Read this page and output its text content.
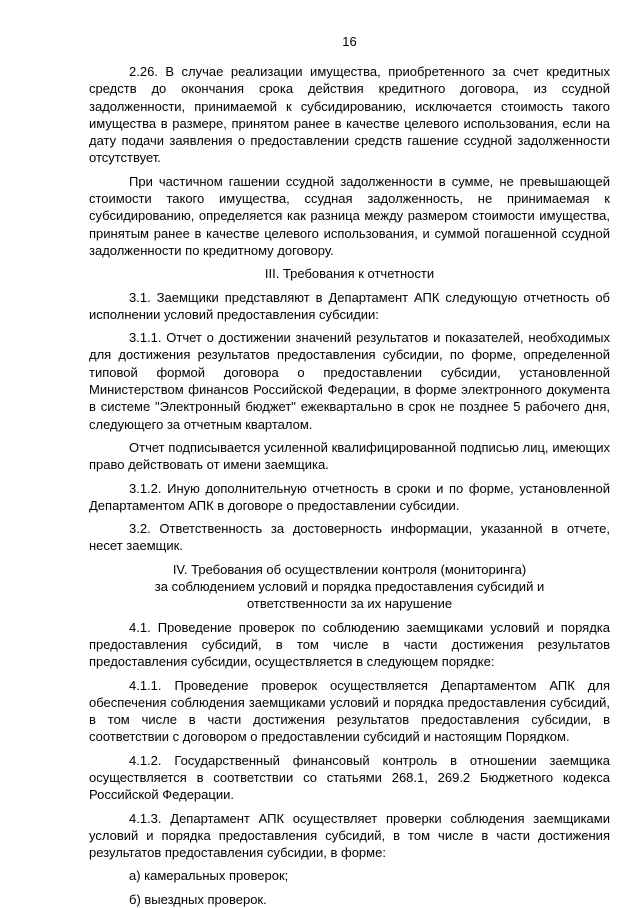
16

2.26. В случае реализации имущества, приобретенного за счет кредитных средств до окончания срока действия кредитного договора, из ссудной задолженности, принимаемой к субсидированию, исключается стоимость такого имущества в размере, принятом ранее в качестве целевого использования, если на дату подачи заявления о предоставлении средств гашение ссудной задолженности отсутствует.

При частичном гашении ссудной задолженности в сумме, не превышающей стоимости такого имущества, ссудная задолженность, не принимаемая к субсидированию, определяется как разница между размером стоимости имущества, принятым ранее в качестве целевого использования, и суммой погашенной ссудной задолженности по кредитному договору.

III. Требования к отчетности

3.1. Заемщики представляют в Департамент АПК следующую отчетность об исполнении условий предоставления субсидии:

3.1.1. Отчет о достижении значений результатов и показателей, необходимых для достижения результатов предоставления субсидии, по форме, определенной типовой формой договора о предоставлении субсидии, установленной Министерством финансов Российской Федерации, в форме электронного документа в системе "Электронный бюджет" ежеквартально в срок не позднее 5 рабочего дня, следующего за отчетным кварталом.

Отчет подписывается усиленной квалифицированной подписью лиц, имеющих право действовать от имени заемщика.

3.1.2. Иную дополнительную отчетность в сроки и по форме, установленной Департаментом АПК в договоре о предоставлении субсидии.

3.2. Ответственность за достоверность информации, указанной в отчете, несет заемщик.

IV. Требования об осуществлении контроля (мониторинга)
за соблюдением условий и порядка предоставления субсидий и
ответственности за их нарушение

4.1. Проведение проверок по соблюдению заемщиками условий и порядка предоставления субсидий, в том числе в части достижения результатов предоставления субсидии, осуществляется в следующем порядке:

4.1.1. Проведение проверок осуществляется Департаментом АПК для обеспечения соблюдения заемщиками условий и порядка предоставления субсидий, в том числе в части достижения результатов предоставления субсидии, в соответствии с договором о предоставлении субсидий и настоящим Порядком.

4.1.2. Государственный финансовый контроль в отношении заемщика осуществляется в соответствии со статьями 268.1, 269.2 Бюджетного кодекса Российской Федерации.

4.1.3. Департамент АПК осуществляет проверки соблюдения заемщиками условий и порядка предоставления субсидий, в том числе в части достижения результатов предоставления субсидии, в форме:

а) камеральных проверок;

б) выездных проверок.
